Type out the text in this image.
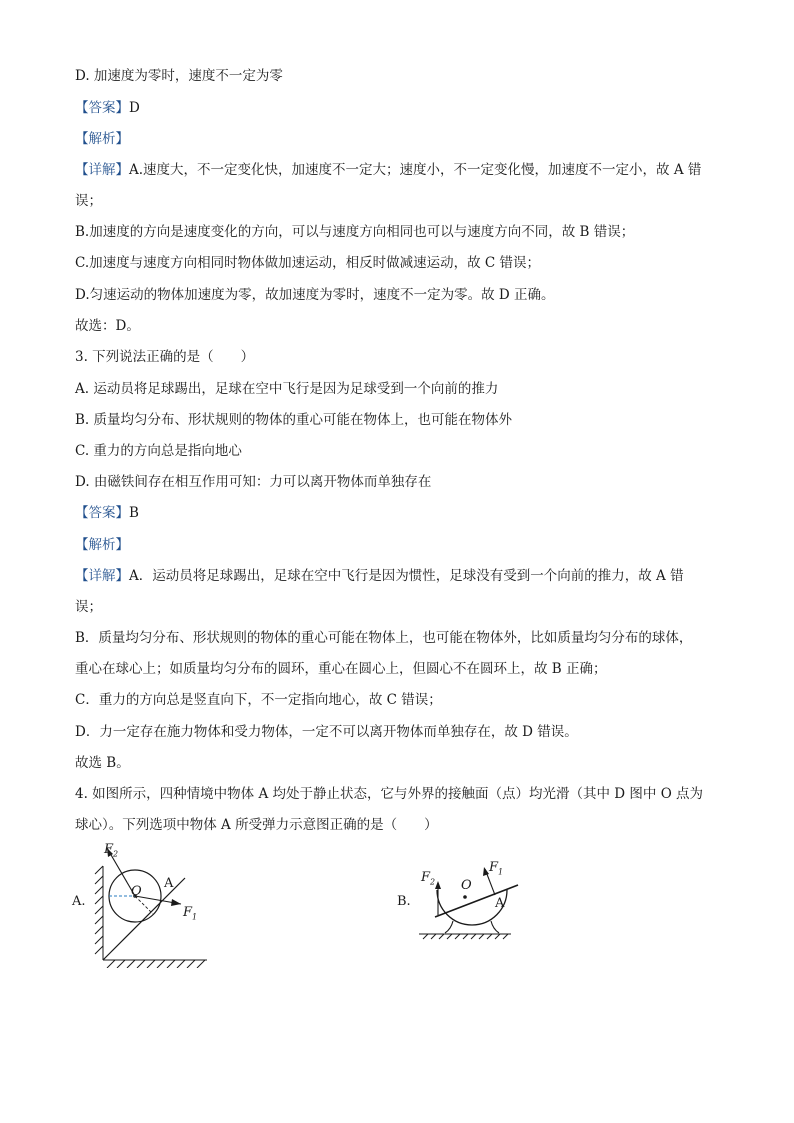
D. 加速度为零时，速度不一定为零
【答案】D
【解析】
【详解】A.速度大，不一定变化快，加速度不一定大；速度小，不一定变化慢，加速度不一定小，故 A 错
误；
B.加速度的方向是速度变化的方向，可以与速度方向相同也可以与速度方向不同，故 B 错误；
C.加速度与速度方向相同时物体做加速运动，相反时做减速运动，故 C 错误；
D.匀速运动的物体加速度为零，故加速度为零时，速度不一定为零。故 D 正确。
故选：D。
3. 下列说法正确的是（　　）
A. 运动员将足球踢出，足球在空中飞行是因为足球受到一个向前的推力
B. 质量均匀分布、形状规则的物体的重心可能在物体上，也可能在物体外
C. 重力的方向总是指向地心
D. 由磁铁间存在相互作用可知：力可以离开物体而单独存在
【答案】B
【解析】
【详解】A．运动员将足球踢出，足球在空中飞行是因为惯性，足球没有受到一个向前的推力，故 A 错
误；
B．质量均匀分布、形状规则的物体的重心可能在物体上，也可能在物体外，比如质量均匀分布的球体，
重心在球心上；如质量均匀分布的圆环，重心在圆心上，但圆心不在圆环上，故 B 正确；
C．重力的方向总是竖直向下，不一定指向地心，故 C 错误；
D．力一定存在施力物体和受力物体，一定不可以离开物体而单独存在，故 D 错误。
故选 B。
4. 如图所示，四种情境中物体 A 均处于静止状态，它与外界的接触面（点）均光滑（其中 D 图中 O 点为
球心）。下列选项中物体 A 所受弹力示意图正确的是（　　）
A.
$F_2$
O
A
$F_1$
B.
$F_2$ O
$F_1$
A
